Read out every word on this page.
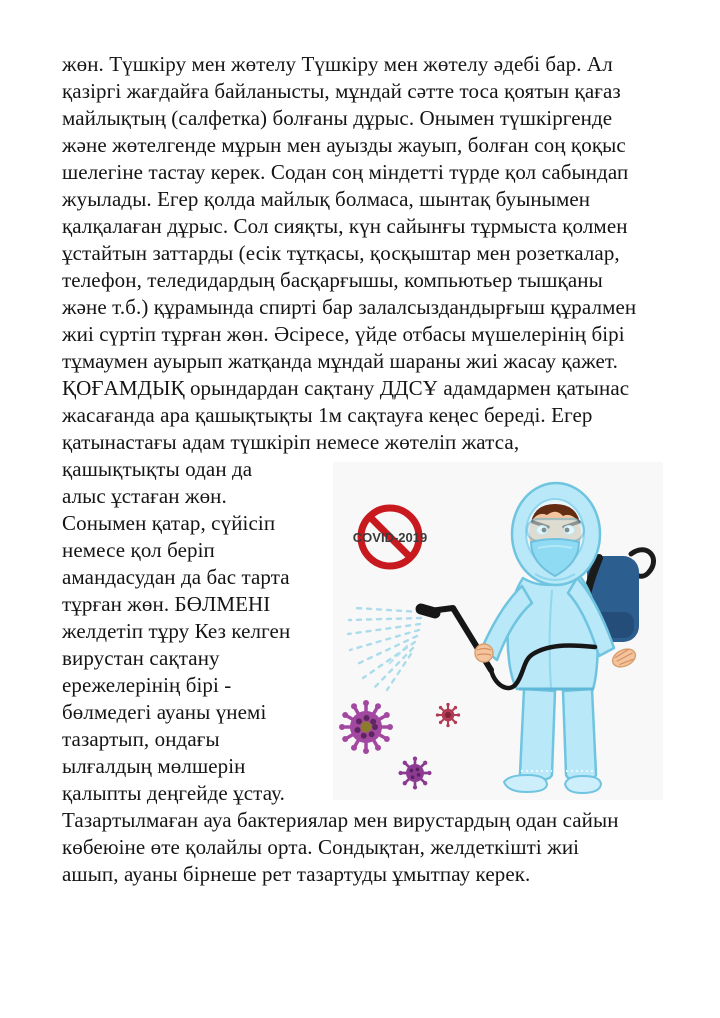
жөн. Түшкіру мен жөтелу Түшкіру мен жөтелу әдебі бар. Ал
қазіргі жағдайға байланысты, мұндай сәтте тоса қоятын қағаз
майлықтың (салфетка) болғаны дұрыс. Онымен түшкіргенде
және жөтелгенде мұрын мен ауызды жауып, болған соң қоқыс
шелегіне тастау керек. Содан соң міндетті түрде қол сабындап
жуылады. Егер қолда майлық болмаса, шынтақ буынымен
қалқалаған дұрыс. Сол сияқты, күн сайынғы тұрмыста қолмен
ұстайтын заттарды (есік тұтқасы, қосқыштар мен розеткалар,
телефон, теледидардың басқарғышы, компьютьер тышқаны
және т.б.) құрамында спирті бар залалсыздандырғыш құралмен
жиі сүртіп тұрған жөн. Әсіресе, үйде отбасы мүшелерінің бірі
тұмаумен ауырып жатқанда мұндай шараны жиі жасау қажет.
ҚОҒАМДЫҚ орындардан сақтану ДДСҰ адамдармен қатынас
жасағанда ара қашықтықты 1м сақтауға кеңес береді. Егер
қатынастағы адам түшкіріп немесе жөтеліп жатса,
қашықтықты одан да
алыс ұстаған жөн.
Сонымен қатар, сүйісіп
немесе қол беріп
амандасудан да бас тарта
тұрған жөн. БӨЛМЕНІ
желдетіп тұру Кез келген
вирустан сақтану
ережелерінің бірі -
бөлмедегі ауаны үнемі
тазартып, ондағы
ылғалдың мөлшерін
қалыпты деңгейде ұстау.
Тазартылмаған ауа бактериялар мен вирустардың одан сайын
көбеюіне өте қолайлы орта. Сондықтан, желдеткішті жиі
ашып, ауаны бірнеше рет тазартуды ұмытпау керек.
COVID-2019
